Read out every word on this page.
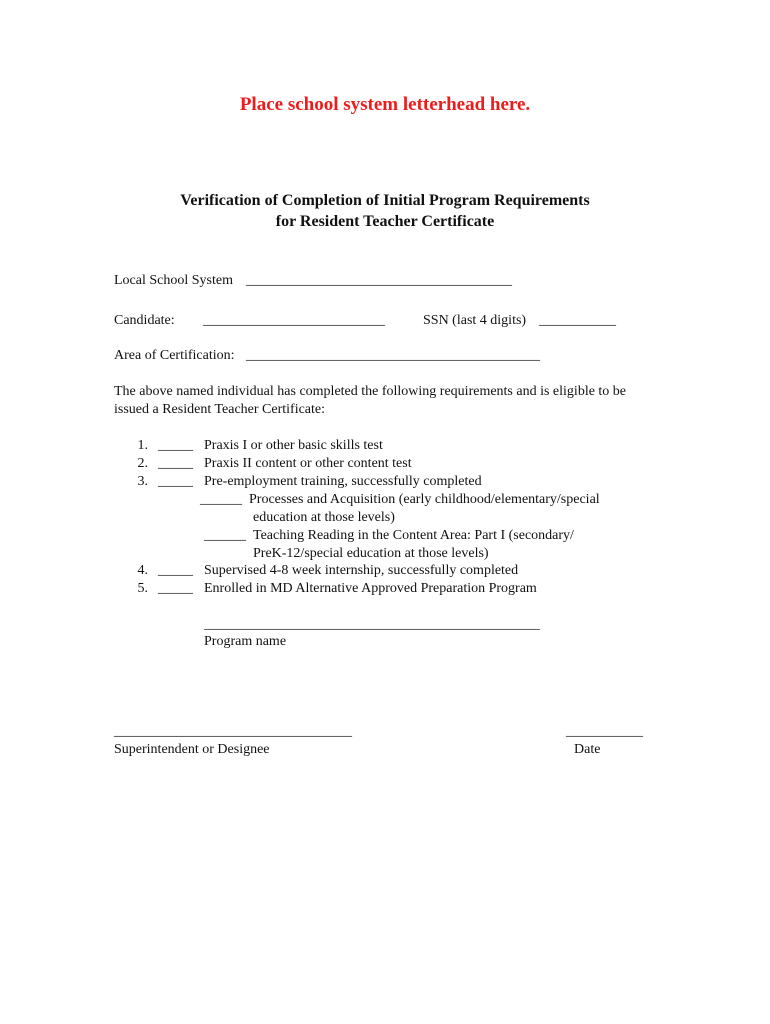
Place school system letterhead here.
Verification of Completion of Initial Program Requirements
for Resident Teacher Certificate
Local School System ______________________________________
Candidate: __________________________	SSN (last 4 digits) ___________
Area of Certification: __________________________________________
The above named individual has completed the following requirements and is eligible to be issued a Resident Teacher Certificate:
1. _____ Praxis I or other basic skills test
2. _____ Praxis II content or other content test
3. _____ Pre-employment training, successfully completed
______ Processes and Acquisition (early childhood/elementary/special
education at those levels)
______ Teaching Reading in the Content Area: Part I (secondary/
PreK-12/special education at those levels)
4. _____ Supervised 4-8 week internship, successfully completed
5. _____ Enrolled in MD Alternative Approved Preparation Program
________________________________________________
Program name
__________________________________
Superintendent or Designee
___________
Date
